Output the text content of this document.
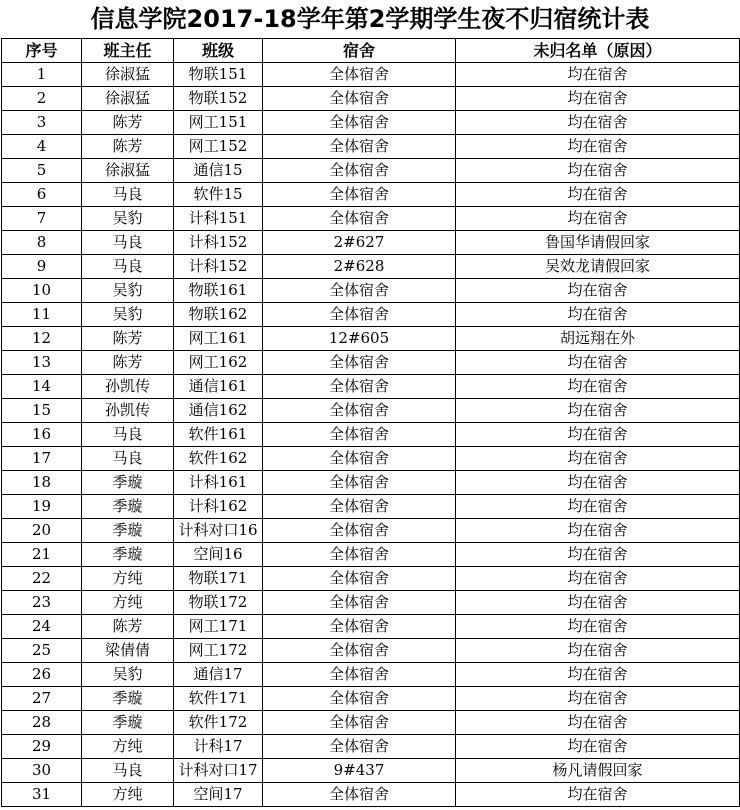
信息学院2017-18学年第2学期学生夜不归宿统计表
序号	班主任	班级	宿舍	未归名单（原因）
1	徐淑猛	物联151	全体宿舍	均在宿舍
2	徐淑猛	物联152	全体宿舍	均在宿舍
3	陈芳	网工151	全体宿舍	均在宿舍
4	陈芳	网工152	全体宿舍	均在宿舍
5	徐淑猛	通信15	全体宿舍	均在宿舍
6	马良	软件15	全体宿舍	均在宿舍
7	吴豹	计科151	全体宿舍	均在宿舍
8	马良	计科152	2#627	鲁国华请假回家
9	马良	计科152	2#628	吴效龙请假回家
10	吴豹	物联161	全体宿舍	均在宿舍
11	吴豹	物联162	全体宿舍	均在宿舍
12	陈芳	网工161	12#605	胡远翔在外
13	陈芳	网工162	全体宿舍	均在宿舍
14	孙凯传	通信161	全体宿舍	均在宿舍
15	孙凯传	通信162	全体宿舍	均在宿舍
16	马良	软件161	全体宿舍	均在宿舍
17	马良	软件162	全体宿舍	均在宿舍
18	季璇	计科161	全体宿舍	均在宿舍
19	季璇	计科162	全体宿舍	均在宿舍
20	季璇	计科对口16	全体宿舍	均在宿舍
21	季璇	空间16	全体宿舍	均在宿舍
22	方纯	物联171	全体宿舍	均在宿舍
23	方纯	物联172	全体宿舍	均在宿舍
24	陈芳	网工171	全体宿舍	均在宿舍
25	梁倩倩	网工172	全体宿舍	均在宿舍
26	吴豹	通信17	全体宿舍	均在宿舍
27	季璇	软件171	全体宿舍	均在宿舍
28	季璇	软件172	全体宿舍	均在宿舍
29	方纯	计科17	全体宿舍	均在宿舍
30	马良	计科对口17	9#437	杨凡请假回家
31	方纯	空间17	全体宿舍	均在宿舍
